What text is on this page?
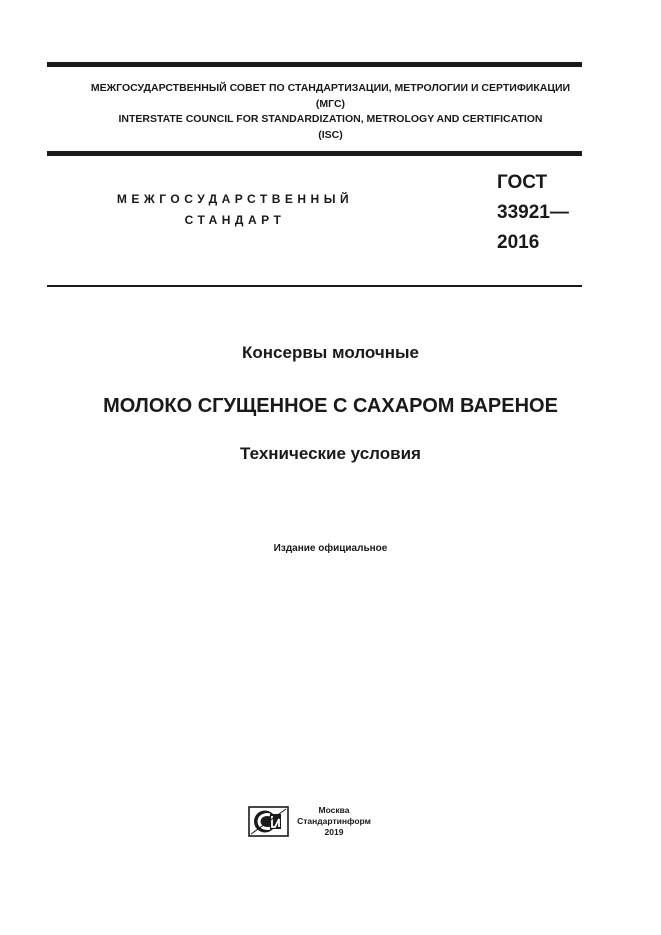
МЕЖГОСУДАРСТВЕННЫЙ СОВЕТ ПО СТАНДАРТИЗАЦИИ, МЕТРОЛОГИИ И СЕРТИФИКАЦИИ
(МГС)
INTERSTATE COUNCIL FOR STANDARDIZATION, METROLOGY AND CERTIFICATION
(ISC)
МЕЖГОСУДАРСТВЕННЫЙ
СТАНДАРТ
ГОСТ
33921—
2016
Консервы молочные
МОЛОКО СГУЩЕННОЕ С САХАРОМ ВАРЕНОЕ
Технические условия
Издание официальное
Москва
Стандартинформ
2019
